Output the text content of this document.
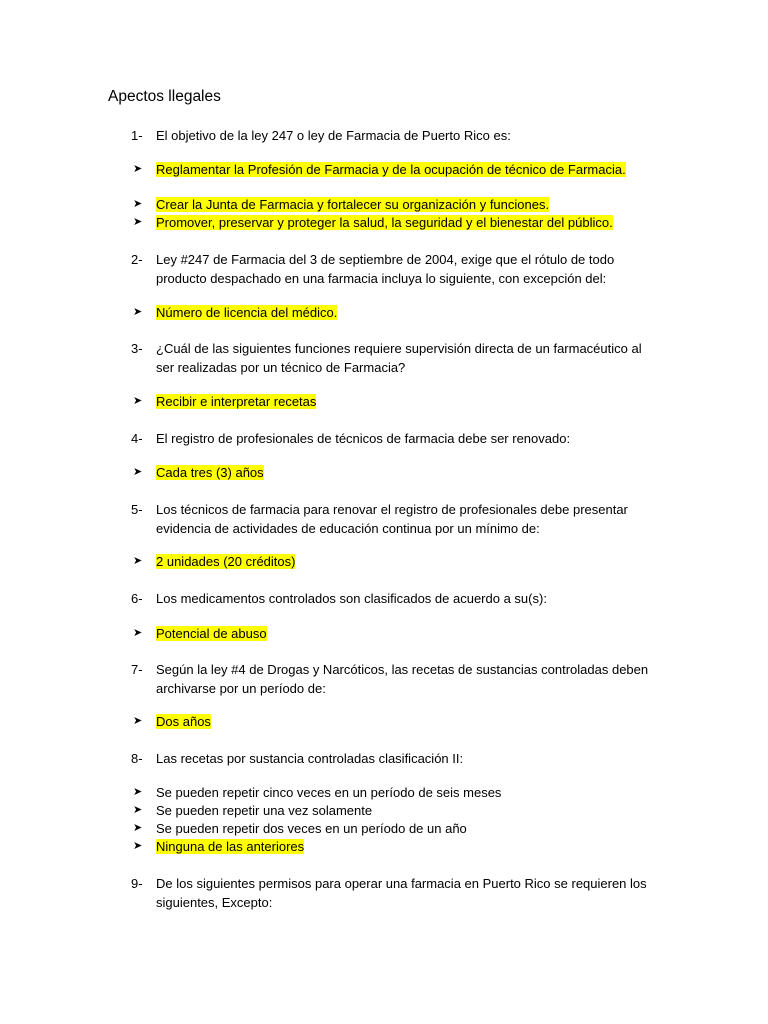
Apectos llegales
1-	El objetivo de la ley 247 o ley de Farmacia de Puerto Rico es:
➤	Reglamentar la Profesión de Farmacia y de la ocupación de técnico de Farmacia.
➤	Crear la Junta de Farmacia y fortalecer su organización y funciones.
➤	Promover, preservar y proteger la salud, la seguridad y el bienestar del público.
2-	Ley #247 de Farmacia del 3 de septiembre de 2004, exige que el rótulo de todo producto despachado en una farmacia incluya lo siguiente, con excepción del:
➤	Número de licencia del médico.
3-	¿Cuál de las siguientes funciones requiere supervisión directa de un farmacéutico al ser realizadas por un técnico de Farmacia?
➤	Recibir e interpretar recetas
4-	El registro de profesionales de técnicos de farmacia debe ser renovado:
➤	Cada tres (3) años
5-	Los técnicos de farmacia para renovar el registro de profesionales debe presentar evidencia de actividades de educación continua por un mínimo de:
➤	2 unidades (20 créditos)
6-	Los medicamentos controlados son clasificados de acuerdo a su(s):
➤	Potencial de abuso
7-	Según la ley #4 de Drogas y Narcóticos, las recetas de sustancias controladas deben archivarse por un período de:
➤	Dos años
8-	Las recetas por sustancia controladas clasificación II:
➤	Se pueden repetir cinco veces en un período de seis meses
➤	Se pueden repetir una vez solamente
➤	Se pueden repetir dos veces en un período de un año
➤	Ninguna de las anteriores
9-	De los siguientes permisos para operar una farmacia en Puerto Rico se requieren los siguientes, Excepto:
